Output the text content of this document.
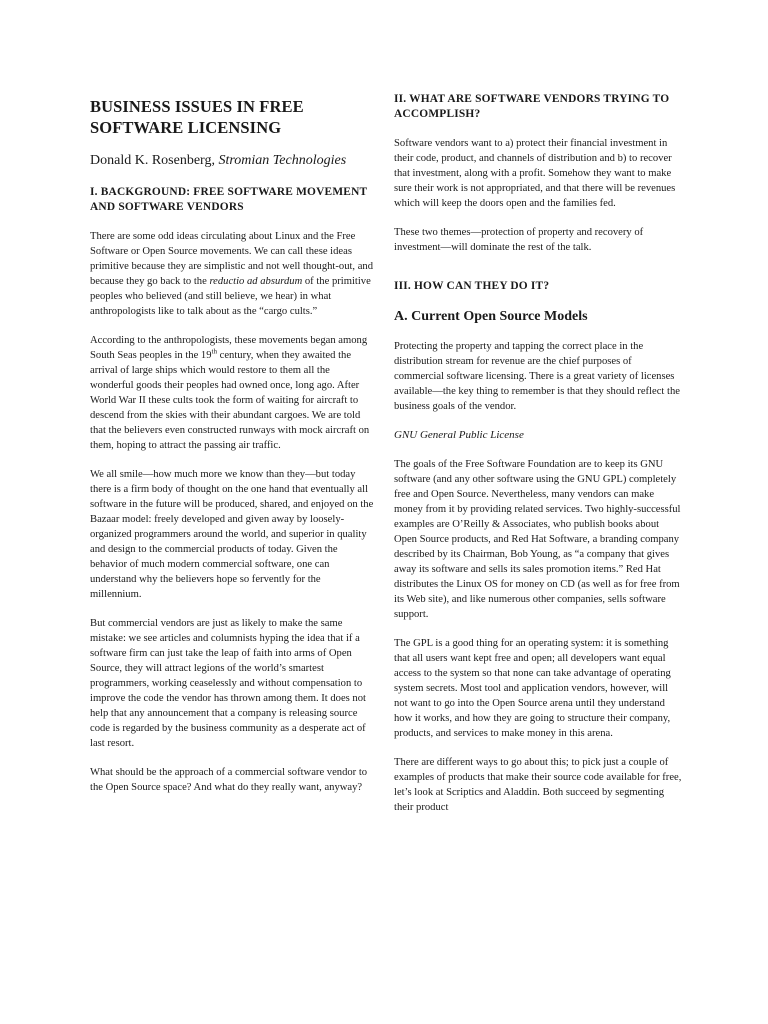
BUSINESS ISSUES IN FREE SOFTWARE LICENSING
Donald K. Rosenberg, Stromian Technologies
I. BACKGROUND: FREE SOFTWARE MOVEMENT AND SOFTWARE VENDORS

There are some odd ideas circulating about Linux and the Free Software or Open Source movements. We can call these ideas primitive because they are simplistic and not well thought-out, and because they go back to the reductio ad absurdum of the primitive peoples who believed (and still believe, we hear) in what anthropologists like to talk about as the “cargo cults.”

According to the anthropologists, these movements began among South Seas peoples in the 19th century, when they awaited the arrival of large ships which would restore to them all the wonderful goods their peoples had owned once, long ago. After World War II these cults took the form of waiting for aircraft to descend from the skies with their abundant cargoes. We are told that the believers even constructed runways with mock aircraft on them, hoping to attract the passing air traffic.

We all smile—how much more we know than they—but today there is a firm body of thought on the one hand that eventually all software in the future will be produced, shared, and enjoyed on the Bazaar model: freely developed and given away by loosely-organized programmers around the world, and superior in quality and design to the commercial products of today. Given the behavior of much modern commercial software, one can understand why the believers hope so fervently for the millennium.

But commercial vendors are just as likely to make the same mistake: we see articles and columnists hyping the idea that if a software firm can just take the leap of faith into arms of Open Source, they will attract legions of the world’s smartest programmers, working ceaselessly and without compensation to improve the code the vendor has thrown among them. It does not help that any announcement that a company is releasing source code is regarded by the business community as a desperate act of last resort.

What should be the approach of a commercial software vendor to the Open Source space? And what do they really want, anyway?

II. WHAT ARE SOFTWARE VENDORS TRYING TO ACCOMPLISH?

Software vendors want to a) protect their financial investment in their code, product, and channels of distribution and b) to recover that investment, along with a profit. Somehow they want to make sure their work is not appropriated, and that there will be revenues which will keep the doors open and the families fed.

These two themes—protection of property and recovery of investment—will dominate the rest of the talk.

III. HOW CAN THEY DO IT?
A. Current Open Source Models

Protecting the property and tapping the correct place in the distribution stream for revenue are the chief purposes of commercial software licensing. There is a great variety of licenses available—the key thing to remember is that they should reflect the business goals of the vendor.

GNU General Public License

The goals of the Free Software Foundation are to keep its GNU software (and any other software using the GNU GPL) completely free and Open Source. Nevertheless, many vendors can make money from it by providing related services. Two highly-successful examples are O’Reilly & Associates, who publish books about Open Source products, and Red Hat Software, a branding company described by its Chairman, Bob Young, as “a company that gives away its software and sells its sales promotion items.” Red Hat distributes the Linux OS for money on CD (as well as for free from its Web site), and like numerous other companies, sells software support.

The GPL is a good thing for an operating system: it is something that all users want kept free and open; all developers want equal access to the system so that none can take advantage of operating system secrets. Most tool and application vendors, however, will not want to go into the Open Source arena until they understand how it works, and how they are going to structure their company, products, and services to make money in this arena.

There are different ways to go about this; to pick just a couple of examples of products that make their source code available for free, let’s look at Scriptics and Aladdin. Both succeed by segmenting their product
